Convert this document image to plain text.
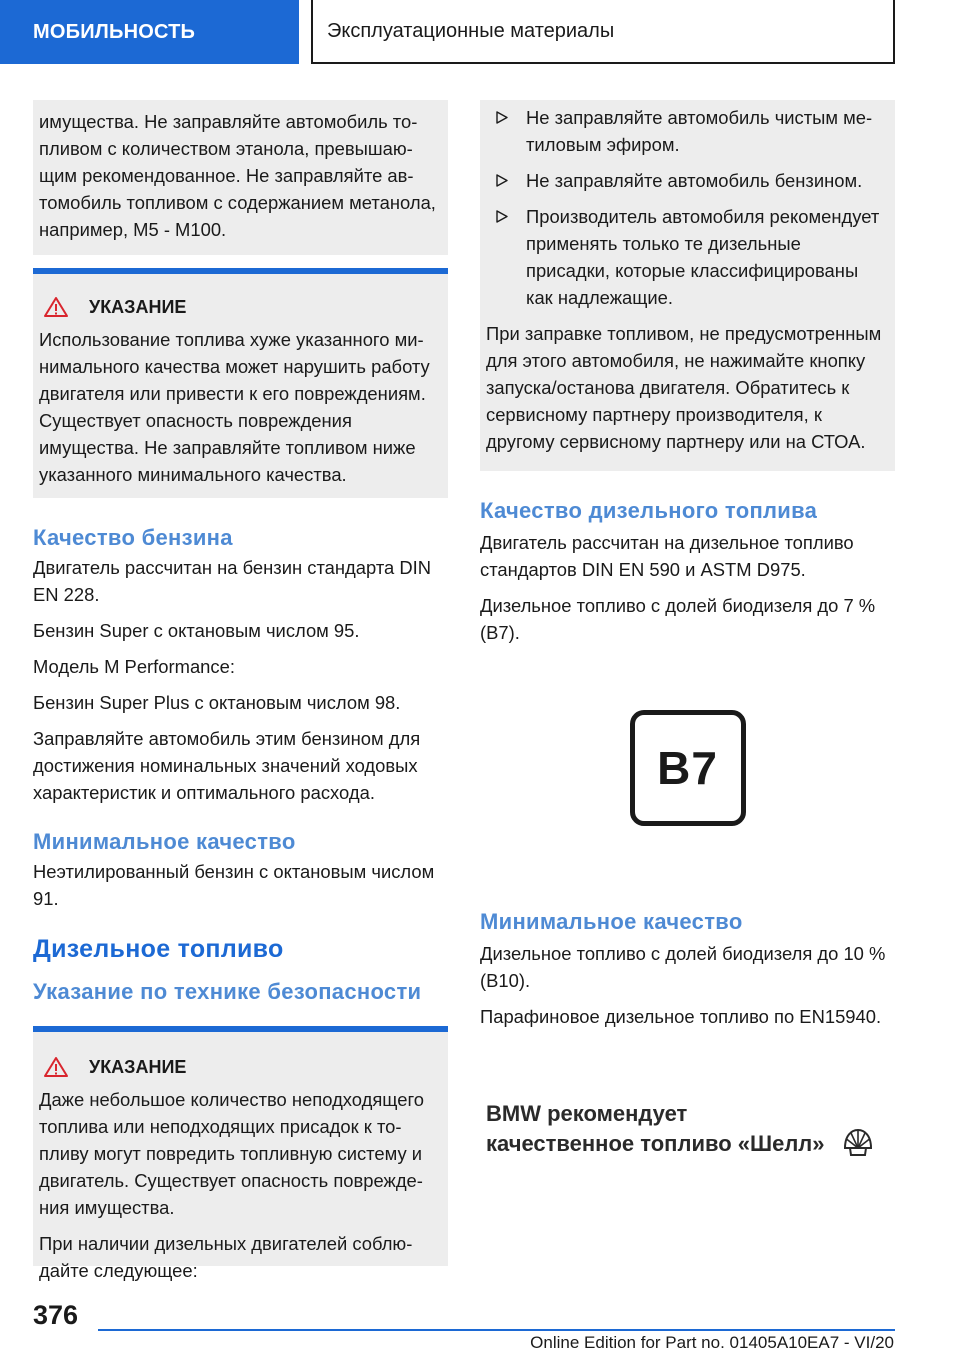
МОБИЛЬНОСТЬ	Эксплуатационные материалы

имущества. Не заправляйте автомобиль топливом с количеством этанола, превышающим рекомендованное. Не заправляйте автомобиль топливом с содержанием метанола, например, M5 - M100.

УКАЗАНИЕ

Использование топлива хуже указанного минимального качества может нарушить работу двигателя или привести к его повреждениям. Существует опасность повреждения имущества. Не заправляйте топливом ниже указанного минимального качества.

Качество бензина

Двигатель рассчитан на бензин стандарта DIN EN 228.

Бензин Super с октановым числом 95.

Модель M Performance:

Бензин Super Plus с октановым числом 98.

Заправляйте автомобиль этим бензином для достижения номинальных значений ходовых характеристик и оптимального расхода.

Минимальное качество

Неэтилированный бензин с октановым числом 91.

Дизельное топливо
Указание по технике безопасности
УКАЗАНИЕ

Даже небольшое количество неподходящего топлива или неподходящих присадок к топливу могут повредить топливную систему и двигатель. Существует опасность повреждения имущества.

При наличии дизельных двигателей соблюдайте следующее:

Не заправляйте автомобиль чистым метиловым эфиром.
Не заправляйте автомобиль бензином.
Производитель автомобиля рекомендует применять только те дизельные присадки, которые классифицированы как надлежащие.

При заправке топливом, не предусмотренным для этого автомобиля, не нажимайте кнопку запуска/останова двигателя. Обратитесь к сервисному партнеру производителя, к другому сервисному партнеру или на СТОА.

Качество дизельного топлива

Двигатель рассчитан на дизельное топливо стандартов DIN EN 590 и ASTM D975.

Дизельное топливо с долей биодизеля до 7 % (B7).

B7
Минимальное качество

Дизельное топливо с долей биодизеля до 10 % (B10).

Парафиновое дизельное топливо по EN15940.

BMW рекомендует
качественное топливо «Шелл»
376
Online Edition for Part no. 01405A10EA7 - VI/20
